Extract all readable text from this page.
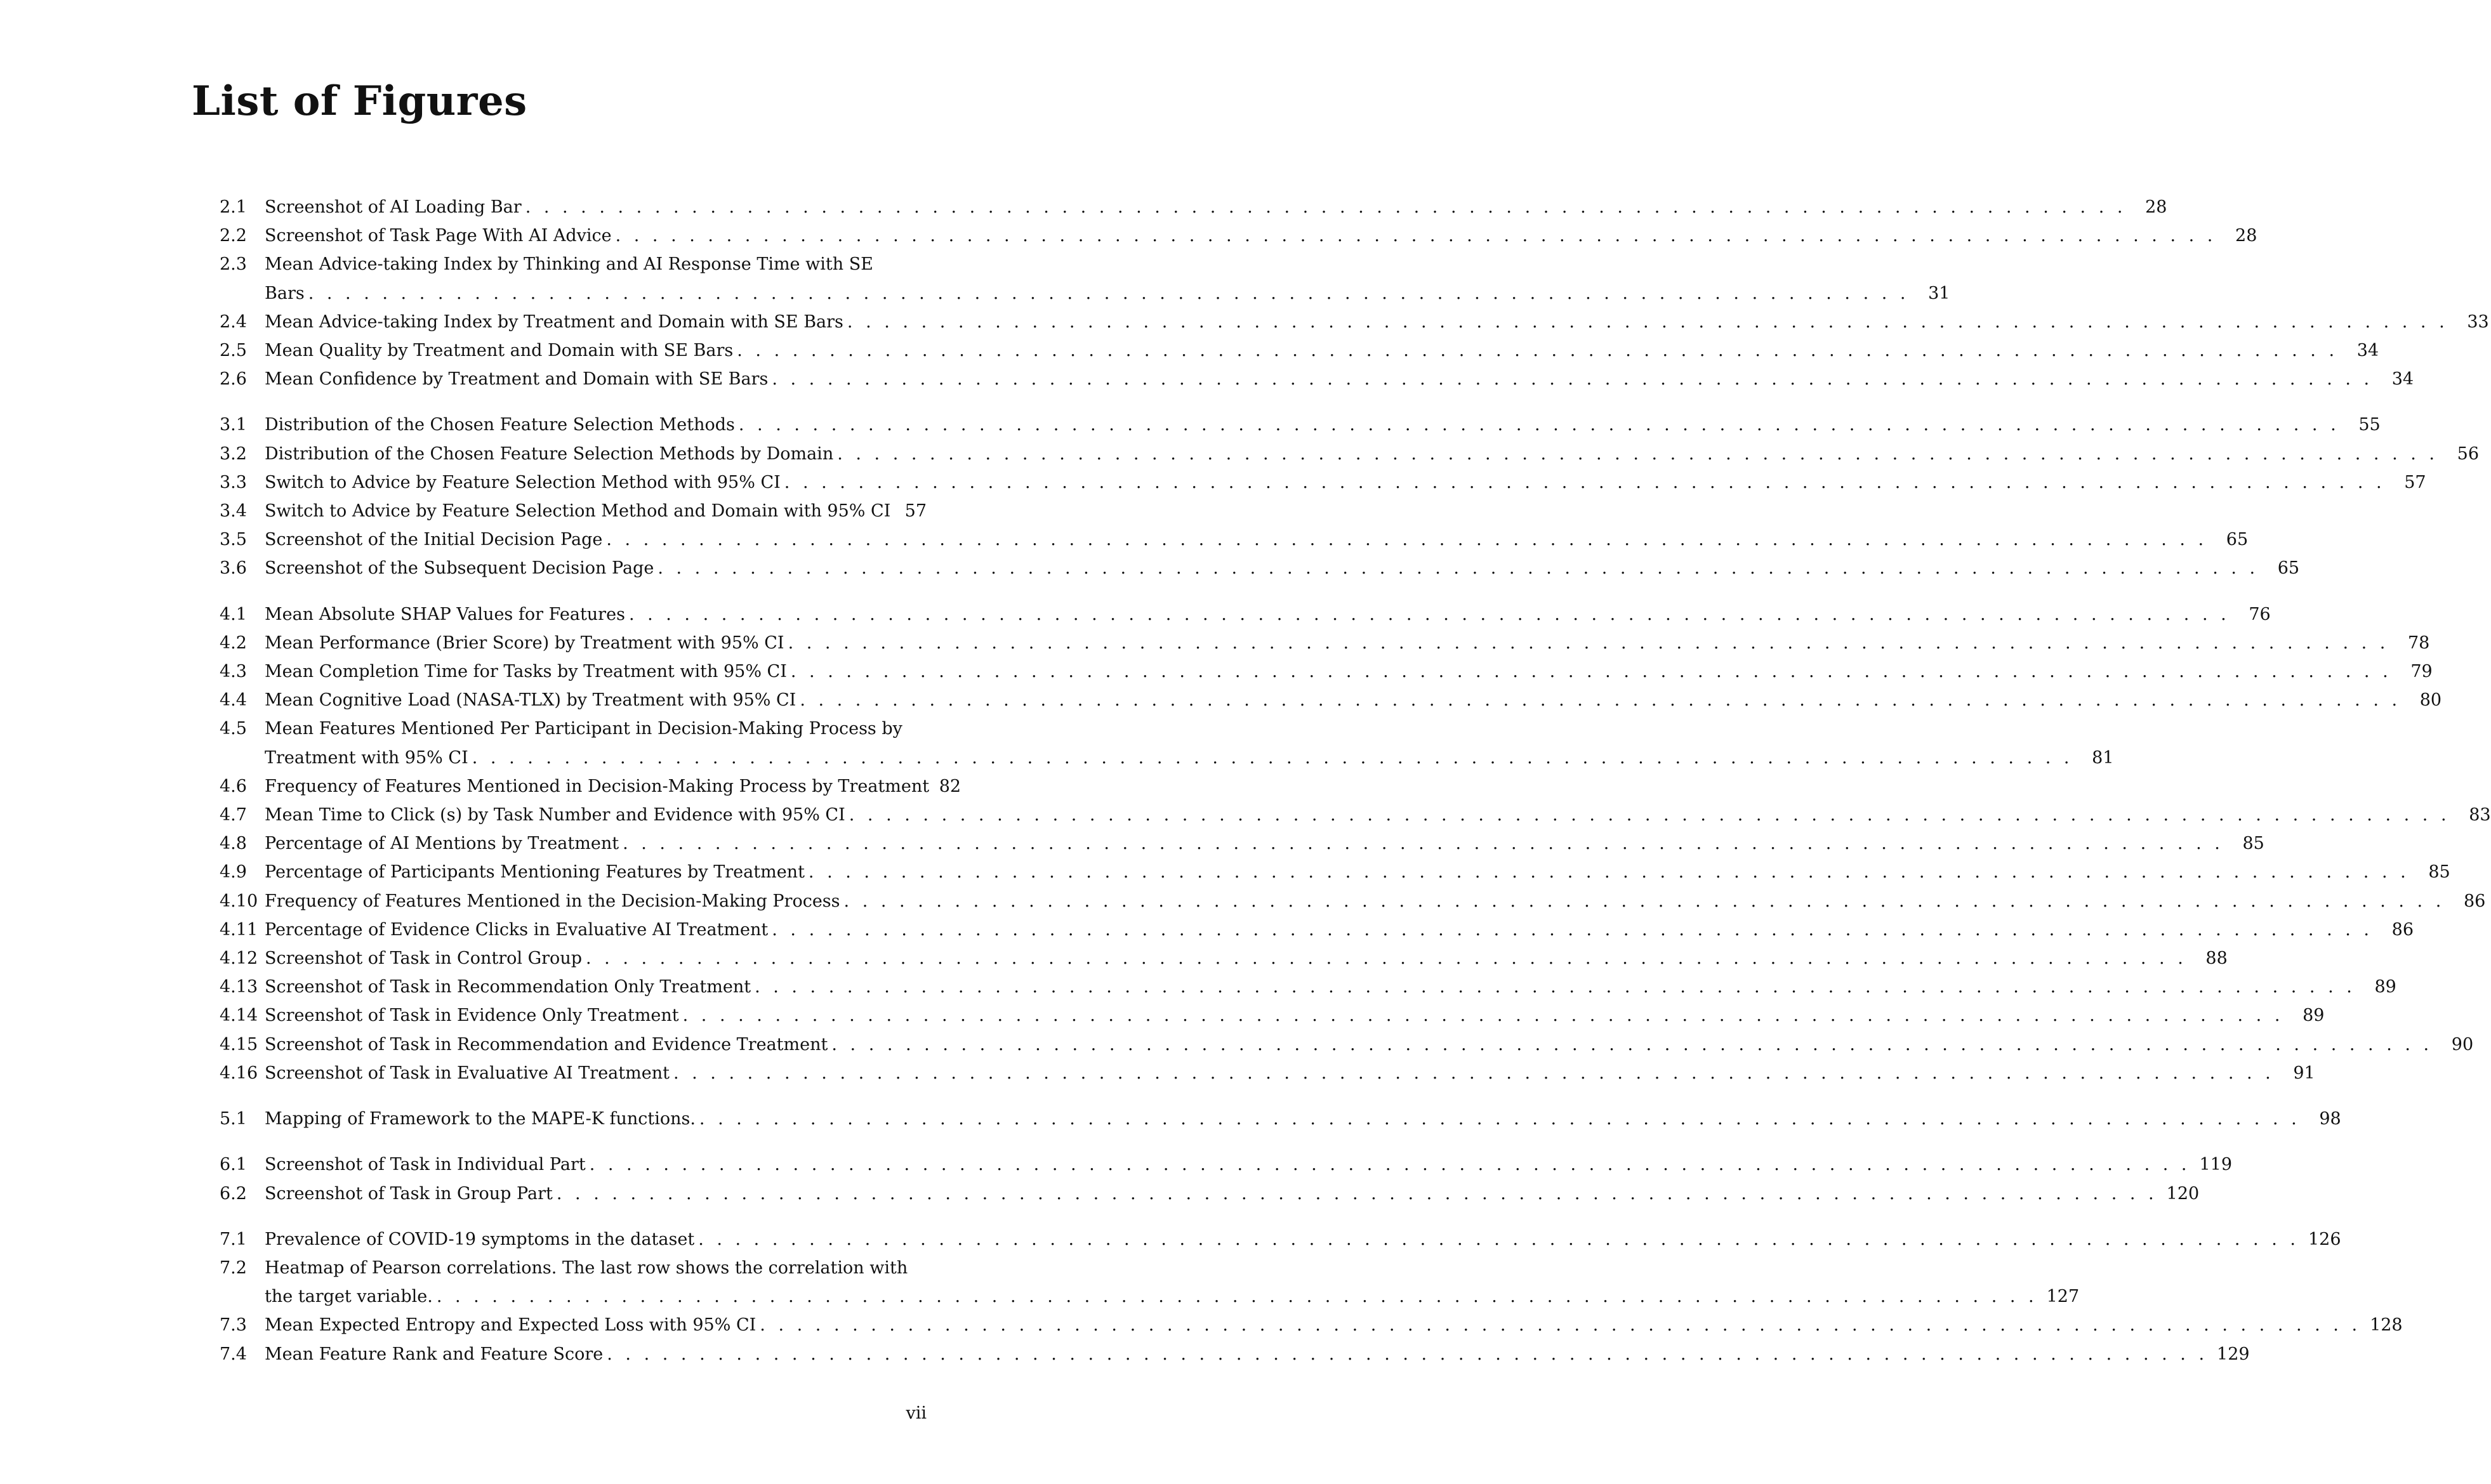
List of Figures
2.1	Screenshot of AI Loading Bar . . .	28
2.2	Screenshot of Task Page With AI Advice . . .	28
2.3	Mean Advice-taking Index by Thinking and AI Response Time with SE
Bars . . .	31
2.4	Mean Advice-taking Index by Treatment and Domain with SE Bars . . .	33
2.5	Mean Quality by Treatment and Domain with SE Bars . . .	34
2.6	Mean Confidence by Treatment and Domain with SE Bars . . .	34
3.1	Distribution of the Chosen Feature Selection Methods . . .	55
3.2	Distribution of the Chosen Feature Selection Methods by Domain . . .	56
3.3	Switch to Advice by Feature Selection Method with 95% CI . . .	57
3.4	Switch to Advice by Feature Selection Method and Domain with 95% CI 57
3.5	Screenshot of the Initial Decision Page . . .	65
3.6	Screenshot of the Subsequent Decision Page . . .	65
4.1	Mean Absolute SHAP Values for Features . . .	76
4.2	Mean Performance (Brier Score) by Treatment with 95% CI . . .	78
4.3	Mean Completion Time for Tasks by Treatment with 95% CI . . .	79
4.4	Mean Cognitive Load (NASA-TLX) by Treatment with 95% CI . . .	80
4.5	Mean Features Mentioned Per Participant in Decision-Making Process by
Treatment with 95% CI . . .	81
4.6	Frequency of Features Mentioned in Decision-Making Process by Treatment 82
4.7	Mean Time to Click (s) by Task Number and Evidence with 95% CI . . .	83
4.8	Percentage of AI Mentions by Treatment . . .	85
4.9	Percentage of Participants Mentioning Features by Treatment . . .	85
4.10 Frequency of Features Mentioned in the Decision-Making Process . . .	86
4.11 Percentage of Evidence Clicks in Evaluative AI Treatment . . .	86
4.12 Screenshot of Task in Control Group . . .	88
4.13 Screenshot of Task in Recommendation Only Treatment . . .	89
4.14 Screenshot of Task in Evidence Only Treatment . . .	89
4.15 Screenshot of Task in Recommendation and Evidence Treatment . . .	90
4.16 Screenshot of Task in Evaluative AI Treatment . . .	91
5.1	Mapping of Framework to the MAPE-K functions. . . .	98
6.1	Screenshot of Task in Individual Part . . .	119
6.2	Screenshot of Task in Group Part . . .	120
7.1	Prevalence of COVID-19 symptoms in the dataset . . .	126
7.2	Heatmap of Pearson correlations. The last row shows the correlation with
the target variable. . . .	127
7.3	Mean Expected Entropy and Expected Loss with 95% CI . . .	128
7.4	Mean Feature Rank and Feature Score . . .	129
vii
